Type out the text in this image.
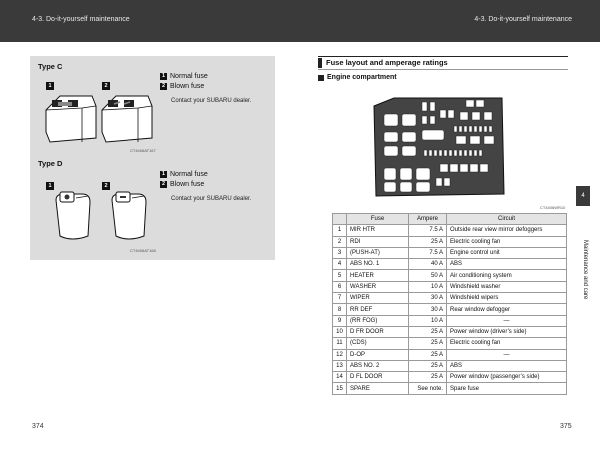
4-3. Do-it-yourself maintenance	4-3. Do-it-yourself maintenance
Type C
1	2
CT4406AT167
1 Normal fuse
2 Blown fuse
Contact your SUBARU dealer.
Type D
1	2
CT4406AT168
1 Normal fuse
2 Blown fuse
Contact your SUBARU dealer.
Fuse layout and amperage ratings
Engine compartment
CT4406WR10
	Fuse	Ampere	Circuit
1	MIR HTR	7.5 A	Outside rear view mirror defoggers
2	RDI	25 A	Electric cooling fan
3	(PUSH-AT)	7.5 A	Engine control unit
4	ABS NO. 1	40 A	ABS
5	HEATER	50 A	Air conditioning system
6	WASHER	10 A	Windshield washer
7	WIPER	30 A	Windshield wipers
8	RR DEF	30 A	Rear window defogger
9	(RR FOG)	10 A	—
10	D FR DOOR	25 A	Power window (driver’s side)
11	(CDS)	25 A	Electric cooling fan
12	D-OP	25 A	—
13	ABS NO. 2	25 A	ABS
14	D FL DOOR	25 A	Power window (passenger’s side)
15	SPARE	See note.	Spare fuse
4
Maintenance and care
374	375
